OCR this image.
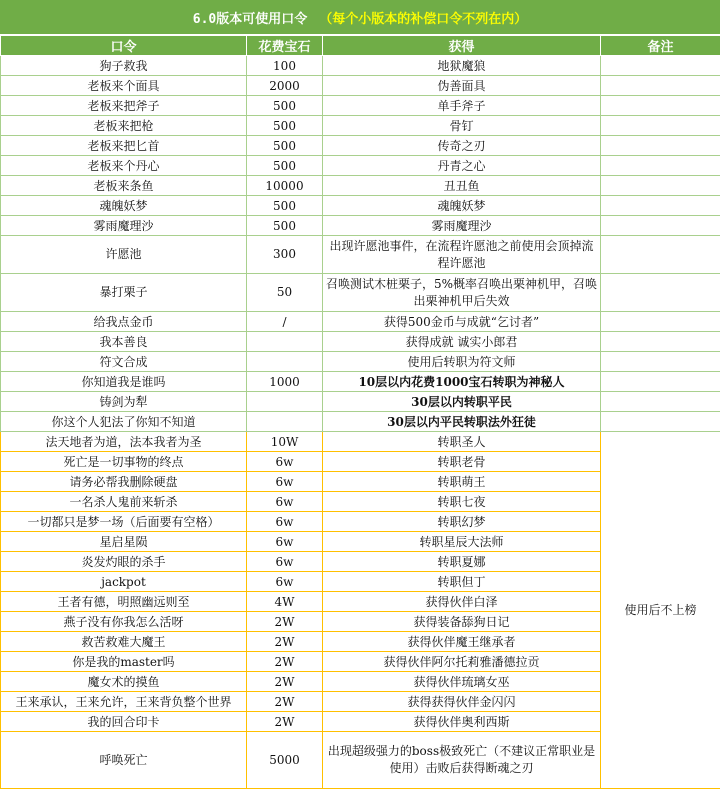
6.0版本可使用口令 （每个小版本的补偿口令不列在内）
口令	花费宝石	获得	备注
狗子救我	100	地狱魔狼	
老板来个面具	2000	伪善面具	
老板来把斧子	500	单手斧子	
老板来把枪	500	骨钉	
老板来把匕首	500	传奇之刃	
老板来个丹心	500	丹青之心	
老板来条鱼	10000	丑丑鱼	
魂魄妖梦	500	魂魄妖梦	
雾雨魔理沙	500	雾雨魔理沙	
许愿池	300	出现许愿池事件，在流程许愿池之前使用会顶掉流程许愿池	
暴打栗子	50	召唤测试木桩栗子，5%概率召唤出栗神机甲，召唤出栗神机甲后失效	
给我点金币	/	获得500金币与成就“乞讨者”	
我本善良		获得成就 诚实小郎君	
符文合成		使用后转职为符文师	
你知道我是谁吗	1000	10层以内花费1000宝石转职为神秘人	
铸剑为犁		30层以内转职平民	
你这个人犯法了你知不知道		30层以内平民转职法外狂徒	
法天地者为道，法本我者为圣	10W	转职圣人	使用后不上榜
死亡是一切事物的终点	6w	转职老骨	
请务必帮我删除硬盘	6w	转职萌王	
一名杀人鬼前来斩杀	6w	转职七夜	
一切都只是梦一场（后面要有空格）	6w	转职幻梦	
星启星陨	6w	转职星辰大法师	
炎发灼眼的杀手	6w	转职夏娜	
jackpot	6w	转职但丁	
王者有德，明照幽远则至	4W	获得伙伴白泽	
燕子没有你我怎么活呀	2W	获得装备舔狗日记	
救苦救难大魔王	2W	获得伙伴魔王继承者	
你是我的master吗	2W	获得伙伴阿尔托莉雅潘德拉贡	
魔女术的摸鱼	2W	获得伙伴琉璃女巫	
王来承认，王来允许，王来背负整个世界	2W	获得获得伙伴金闪闪	
我的回合印卡	2W	获得伙伴奥利西斯	
呼唤死亡	5000	出现超级强力的boss极致死亡（不建议正常职业是使用）击败后获得断魂之刃	
